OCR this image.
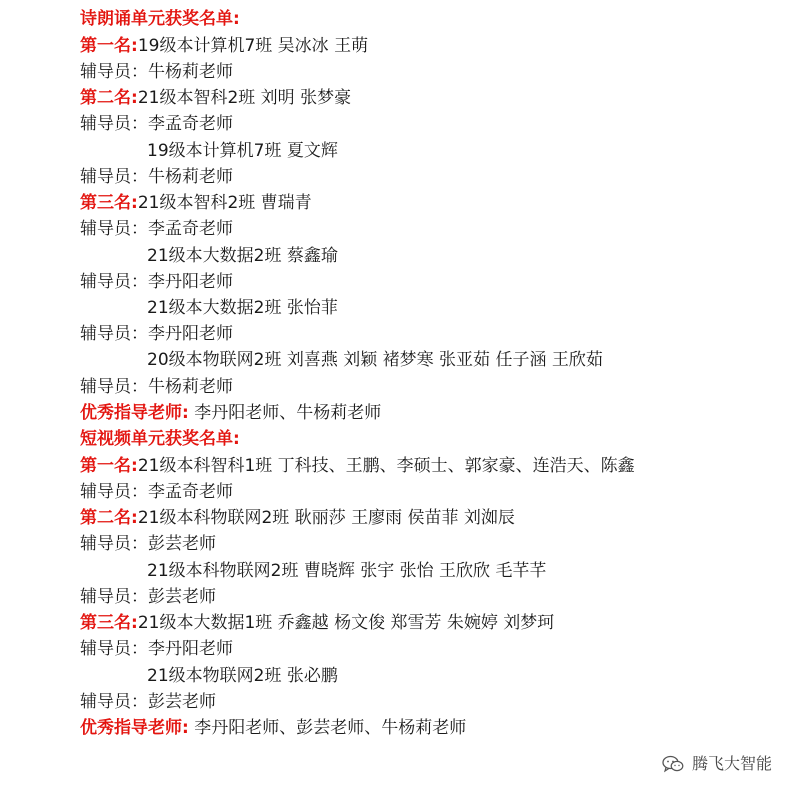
诗朗诵单元获奖名单:
第一名:19级本计算机7班 吴冰冰 王萌
辅导员：牛杨莉老师
第二名:21级本智科2班 刘明 张梦豪
辅导员：李孟奇老师
19级本计算机7班 夏文辉
辅导员：牛杨莉老师
第三名:21级本智科2班 曹瑞青
辅导员：李孟奇老师
21级本大数据2班 蔡鑫瑜
辅导员：李丹阳老师
21级本大数据2班 张怡菲
辅导员：李丹阳老师
20级本物联网2班 刘喜燕 刘颖 褚梦寒 张亚茹 任子涵 王欣茹
辅导员：牛杨莉老师
优秀指导老师: 李丹阳老师、牛杨莉老师
短视频单元获奖名单:
第一名:21级本科智科1班 丁科技、王鹏、李硕士、郭家豪、连浩天、陈鑫
辅导员：李孟奇老师
第二名:21级本科物联网2班 耿丽莎 王廖雨 侯苗菲 刘洳辰
辅导员：彭芸老师
21级本科物联网2班 曹晓辉 张宇 张怡 王欣欣 毛芊芊
辅导员：彭芸老师
第三名:21级本大数据1班 乔鑫越 杨文俊 郑雪芳 朱婉婷 刘梦珂
辅导员：李丹阳老师
21级本物联网2班 张必鹏
辅导员：彭芸老师
优秀指导老师: 李丹阳老师、彭芸老师、牛杨莉老师
腾飞大智能
